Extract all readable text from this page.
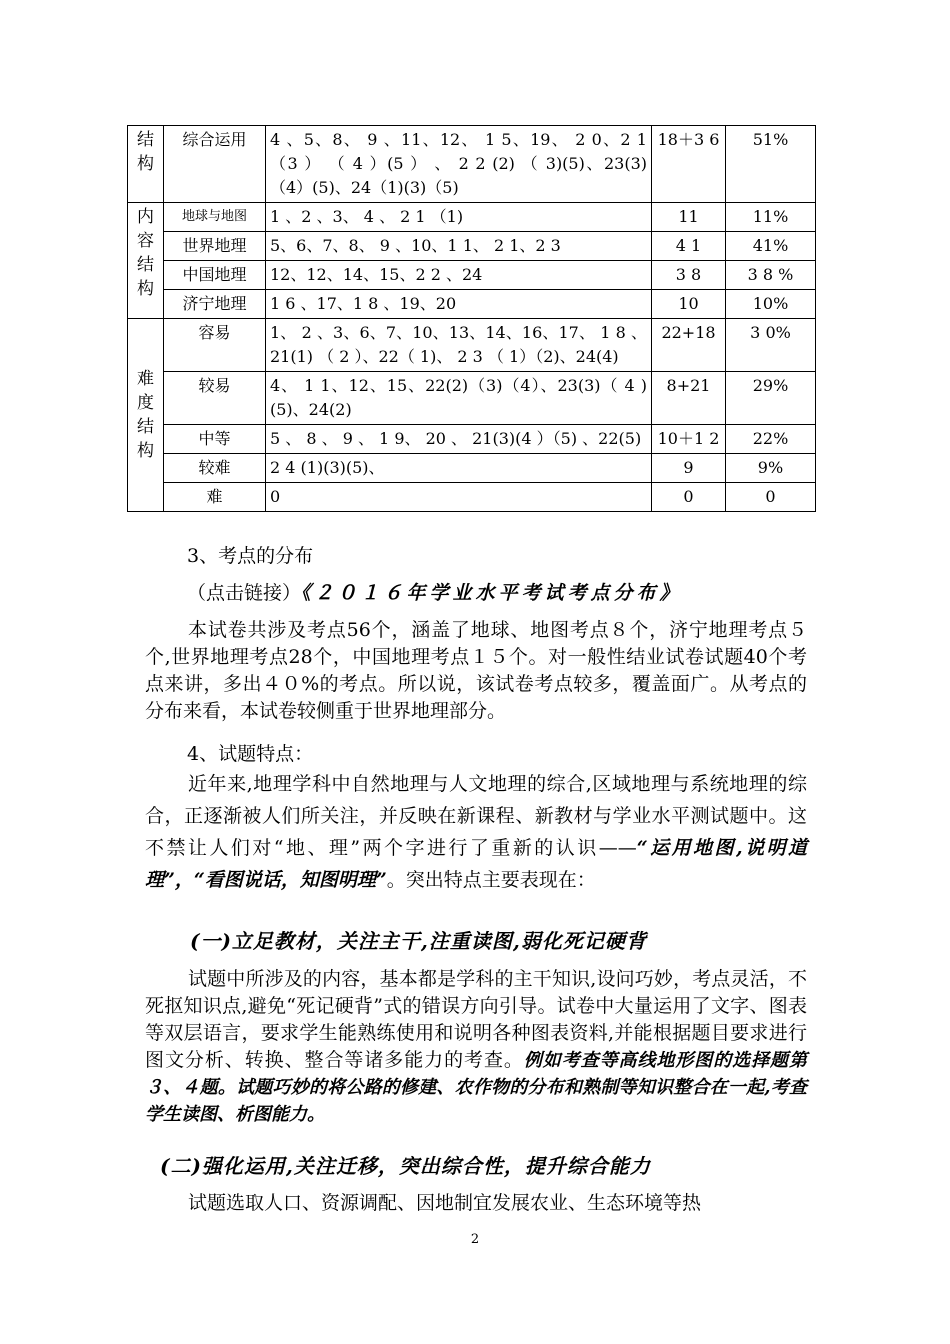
结
构	综合运用	4 、5、8、 9 、11、12、 1 5、19、 2 0、2 1 （3 ） （ 4 ）(5 ） 、 2 2 (2) （ 3)(5)、23(3) （4）(5)、24（1)(3)（5)	18＋3 6	51%
内
容
结
构	地球与地图	1 、2 、3、 4 、 2 1 （1)	11	11%
	世界地理	5、6、7、8、 9 、10、1 1、 2 1、2 3	4 1	41%
	中国地理	12、12、14、15、2 2 、24	3 8	3 8 %
	济宁地理	1 6 、17、1 8 、19、20	10	10%
难
度
结
构	容易	1、 2 、3、6、7、10、13、14、16、17、 1 8 、21(1) （ 2 ）、22（ 1)、 2 3 （ 1）（2)、24(4)	22+18	3 0%
	较易	4、 1 1、12、15、22(2)（3)（4）、23(3)（ 4 )(5)、24(2)	8+21	29%
	中等	5 、 8 、 9 、 1 9、 20 、 21(3)(4 ）（5) 、22(5)	10＋1 2	22%
	较难	2 4 (1)(3)(5)、	9	9%
	难	0	0	0
3、考点的分布
（点击链接）《２０１６年学业水平考试考点分布》
本试卷共涉及考点56个，涵盖了地球、地图考点８个，济宁地理考点５个,世界地理考点28个，中国地理考点１５个。对一般性结业试卷试题40个考点来讲，多出４０%的考点。所以说，该试卷考点较多，覆盖面广。从考点的分布来看，本试卷较侧重于世界地理部分。
4、试题特点：
近年来,地理学科中自然地理与人文地理的综合,区域地理与系统地理的综合，正逐渐被人们所关注，并反映在新课程、新教材与学业水平测试题中。这不禁让人们对“地、理”两个字进行了重新的认识——“运用地图,说明道理”，“看图说话，知图明理”。突出特点主要表现在：
(一)立足教材，关注主干,注重读图,弱化死记硬背
试题中所涉及的内容，基本都是学科的主干知识,设问巧妙，考点灵活，不死抠知识点,避免“死记硬背”式的错误方向引导。试卷中大量运用了文字、图表等双层语言，要求学生能熟练使用和说明各种图表资料,并能根据题目要求进行图文分析、转换、整合等诸多能力的考查。例如考查等高线地形图的选择题第３、４题。试题巧妙的将公路的修建、农作物的分布和熟制等知识整合在一起,考查学生读图、析图能力。
(二)强化运用,关注迁移，突出综合性，提升综合能力
试题选取人口、资源调配、因地制宜发展农业、生态环境等热
2
